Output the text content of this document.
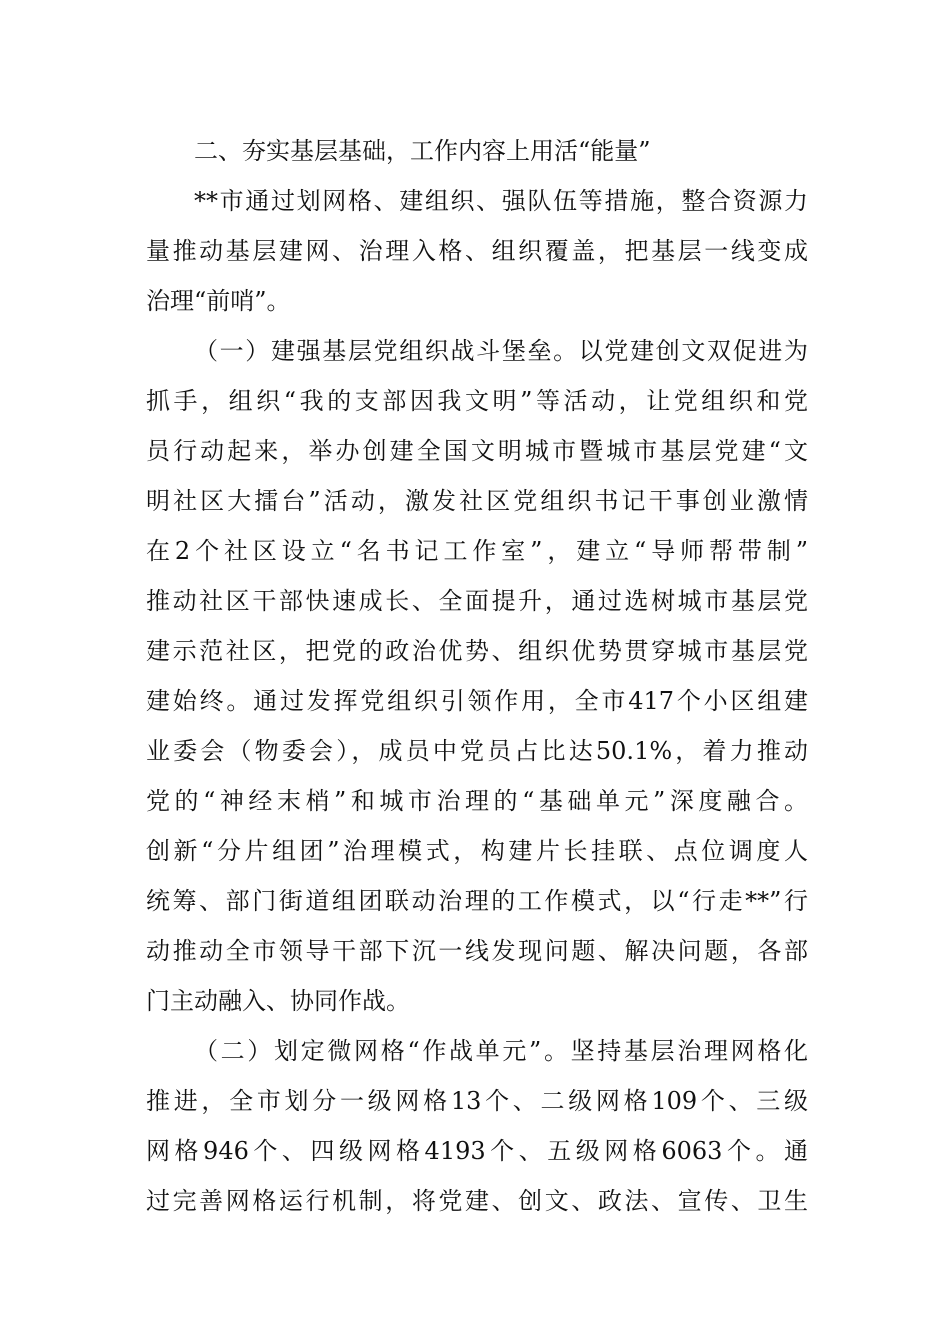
二、夯实基层基础，工作内容上用活“能量”
**市通过划网格、建组织、强队伍等措施，整合资源力
量推动基层建网、治理入格、组织覆盖，把基层一线变成
治理“前哨”。
（一）建强基层党组织战斗堡垒。以党建创文双促进为
抓手，组织“我的支部因我文明”等活动，让党组织和党
员行动起来，举办创建全国文明城市暨城市基层党建“文
明社区大擂台”活动，激发社区党组织书记干事创业激情
在2个社区设立“名书记工作室”，建立“导师帮带制”
推动社区干部快速成长、全面提升，通过选树城市基层党
建示范社区，把党的政治优势、组织优势贯穿城市基层党
建始终。通过发挥党组织引领作用，全市417个小区组建
业委会（物委会），成员中党员占比达50.1%，着力推动
党的“神经末梢”和城市治理的“基础单元”深度融合。
创新“分片组团”治理模式，构建片长挂联、点位调度人
统筹、部门街道组团联动治理的工作模式，以“行走**”行
动推动全市领导干部下沉一线发现问题、解决问题，各部
门主动融入、协同作战。
（二）划定微网格“作战单元”。坚持基层治理网格化
推进，全市划分一级网格13个、二级网格109个、三级
网格946个、四级网格4193个、五级网格6063个。通
过完善网格运行机制，将党建、创文、政法、宣传、卫生
